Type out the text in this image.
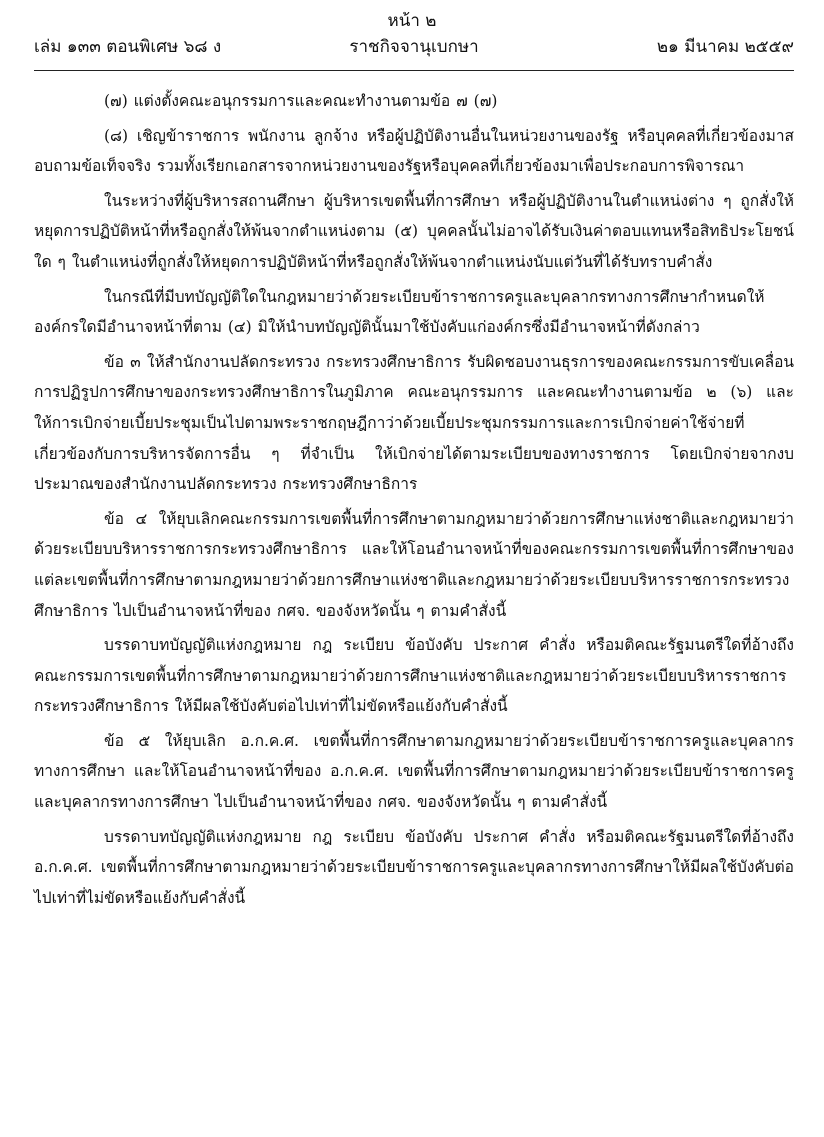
หน้า ๒
ราชกิจจานุเบกษา
เล่ม ๑๓๓ ตอนพิเศษ ๖๘ ง	๒๑ มีนาคม ๒๕๕๙

(๗) แต่งตั้งคณะอนุกรรมการและคณะทำงานตามข้อ ๗ (๗)

(๘) เชิญข้าราชการ พนักงาน ลูกจ้าง หรือผู้ปฏิบัติงานอื่นในหน่วยงานของรัฐ หรือบุคคลที่เกี่ยวข้องมาสอบถามข้อเท็จจริง รวมทั้งเรียกเอกสารจากหน่วยงานของรัฐหรือบุคคลที่เกี่ยวข้องมาเพื่อประกอบการพิจารณา

ในระหว่างที่ผู้บริหารสถานศึกษา ผู้บริหารเขตพื้นที่การศึกษา หรือผู้ปฏิบัติงานในตำแหน่งต่าง ๆ ถูกสั่งให้หยุดการปฏิบัติหน้าที่หรือถูกสั่งให้พ้นจากตำแหน่งตาม (๕) บุคคลนั้นไม่อาจได้รับเงินค่าตอบแทนหรือสิทธิประโยชน์ใด ๆ ในตำแหน่งที่ถูกสั่งให้หยุดการปฏิบัติหน้าที่หรือถูกสั่งให้พ้นจากตำแหน่งนับแต่วันที่ได้รับทราบคำสั่ง

ในกรณีที่มีบทบัญญัติใดในกฎหมายว่าด้วยระเบียบข้าราชการครูและบุคลากรทางการศึกษากำหนดให้องค์กรใดมีอำนาจหน้าที่ตาม (๔) มิให้นำบทบัญญัตินั้นมาใช้บังคับแก่องค์กรซึ่งมีอำนาจหน้าที่ดังกล่าว

ข้อ ๓ ให้สำนักงานปลัดกระทรวง กระทรวงศึกษาธิการ รับผิดชอบงานธุรการของคณะกรรมการขับเคลื่อนการปฏิรูปการศึกษาของกระทรวงศึกษาธิการในภูมิภาค คณะอนุกรรมการ และคณะทำงานตามข้อ ๒ (๖) และให้การเบิกจ่ายเบี้ยประชุมเป็นไปตามพระราชกฤษฎีกาว่าด้วยเบี้ยประชุมกรรมการและการเบิกจ่ายค่าใช้จ่ายที่เกี่ยวข้องกับการบริหารจัดการอื่น ๆ ที่จำเป็น ให้เบิกจ่ายได้ตามระเบียบของทางราชการ โดยเบิกจ่ายจากงบประมาณของสำนักงานปลัดกระทรวง กระทรวงศึกษาธิการ

ข้อ ๔ ให้ยุบเลิกคณะกรรมการเขตพื้นที่การศึกษาตามกฎหมายว่าด้วยการศึกษาแห่งชาติและกฎหมายว่าด้วยระเบียบบริหารราชการกระทรวงศึกษาธิการ และให้โอนอำนาจหน้าที่ของคณะกรรมการเขตพื้นที่การศึกษาของแต่ละเขตพื้นที่การศึกษาตามกฎหมายว่าด้วยการศึกษาแห่งชาติและกฎหมายว่าด้วยระเบียบบริหารราชการกระทรวงศึกษาธิการ ไปเป็นอำนาจหน้าที่ของ กศจ. ของจังหวัดนั้น ๆ ตามคำสั่งนี้

บรรดาบทบัญญัติแห่งกฎหมาย กฎ ระเบียบ ข้อบังคับ ประกาศ คำสั่ง หรือมติคณะรัฐมนตรีใดที่อ้างถึงคณะกรรมการเขตพื้นที่การศึกษาตามกฎหมายว่าด้วยการศึกษาแห่งชาติและกฎหมายว่าด้วยระเบียบบริหารราชการกระทรวงศึกษาธิการ ให้มีผลใช้บังคับต่อไปเท่าที่ไม่ขัดหรือแย้งกับคำสั่งนี้

ข้อ ๕ ให้ยุบเลิก อ.ก.ค.ศ. เขตพื้นที่การศึกษาตามกฎหมายว่าด้วยระเบียบข้าราชการครูและบุคลากรทางการศึกษา และให้โอนอำนาจหน้าที่ของ อ.ก.ค.ศ. เขตพื้นที่การศึกษาตามกฎหมายว่าด้วยระเบียบข้าราชการครูและบุคลากรทางการศึกษา ไปเป็นอำนาจหน้าที่ของ กศจ. ของจังหวัดนั้น ๆ ตามคำสั่งนี้

บรรดาบทบัญญัติแห่งกฎหมาย กฎ ระเบียบ ข้อบังคับ ประกาศ คำสั่ง หรือมติคณะรัฐมนตรีใดที่อ้างถึง อ.ก.ค.ศ. เขตพื้นที่การศึกษาตามกฎหมายว่าด้วยระเบียบข้าราชการครูและบุคลากรทางการศึกษาให้มีผลใช้บังคับต่อไปเท่าที่ไม่ขัดหรือแย้งกับคำสั่งนี้
